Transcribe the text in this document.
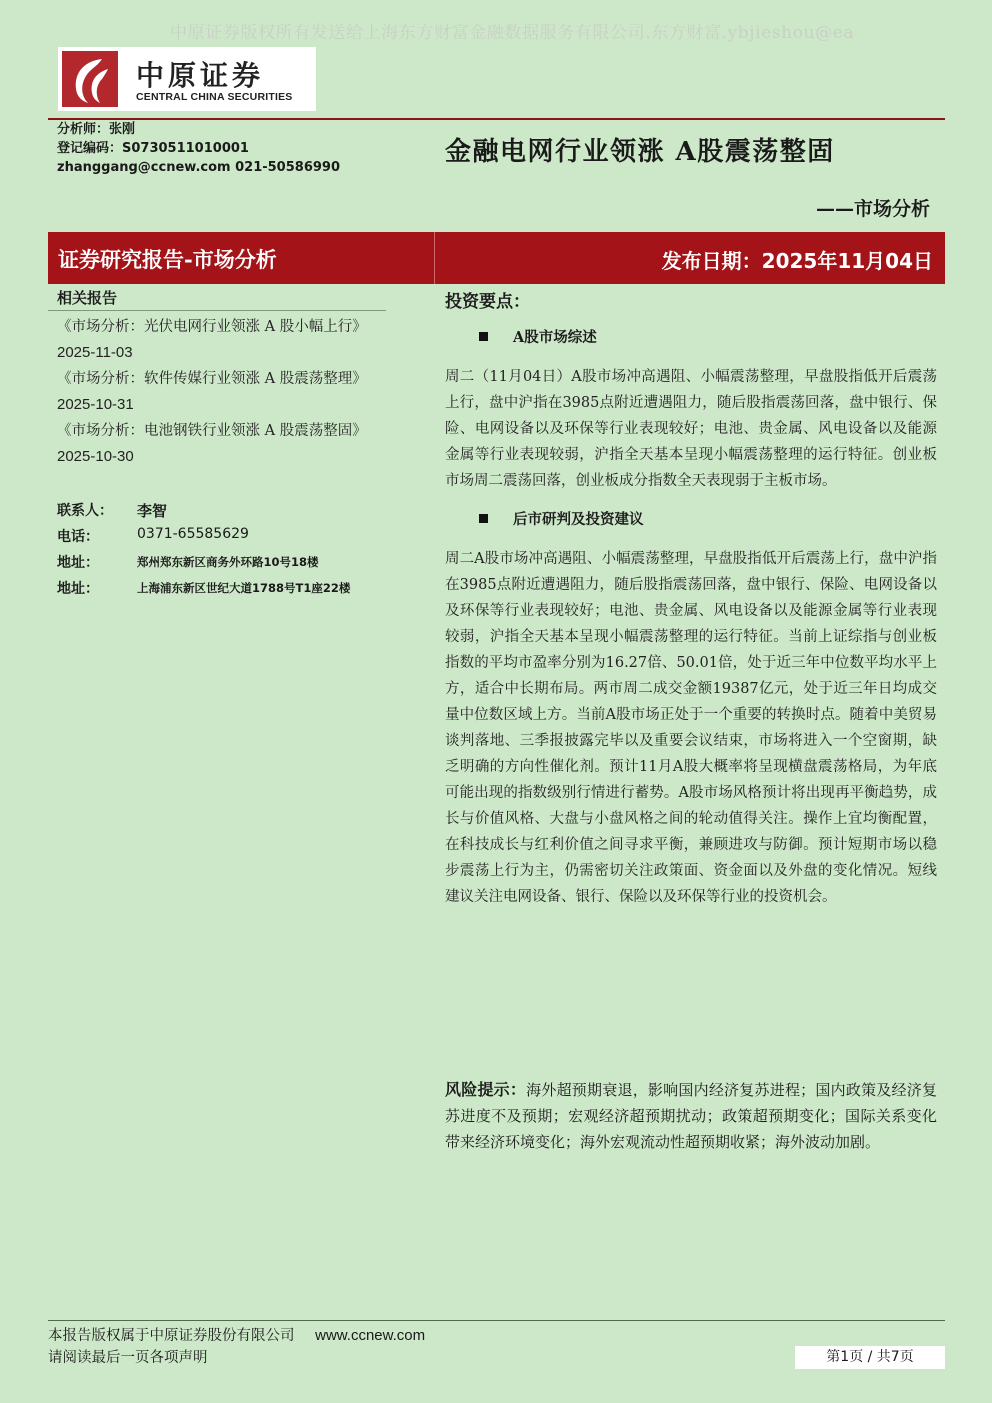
中原证券版权所有发送给上海东方财富金融数据服务有限公司.东方财富.ybjieshou@ea
中原证券
CENTRAL CHINA SECURITIES
分析师：张刚
登记编码：S0730511010001
zhanggang@ccnew.com 021-50586990
金融电网行业领涨 A股震荡整固
——市场分析
证券研究报告-市场分析	发布日期：2025年11月04日
相关报告
《市场分析：光伏电网行业领涨 A 股小幅上行》 2025-11-03
《市场分析：软件传媒行业领涨 A 股震荡整理》 2025-10-31
《市场分析：电池钢铁行业领涨 A 股震荡整固》 2025-10-30
联系人： 李智
电话：	0371-65585629
地址：	郑州郑东新区商务外环路10号18楼
地址：	上海浦东新区世纪大道1788号T1座22楼
投资要点：
A股市场综述
周二（11月04日）A股市场冲高遇阻、小幅震荡整理，早盘股指低开后震荡上行，盘中沪指在3985点附近遭遇阻力，随后股指震荡回落，盘中银行、保险、电网设备以及环保等行业表现较好；电池、贵金属、风电设备以及能源金属等行业表现较弱，沪指全天基本呈现小幅震荡整理的运行特征。创业板市场周二震荡回落，创业板成分指数全天表现弱于主板市场。
后市研判及投资建议
周二A股市场冲高遇阻、小幅震荡整理，早盘股指低开后震荡上行，盘中沪指在3985点附近遭遇阻力，随后股指震荡回落，盘中银行、保险、电网设备以及环保等行业表现较好；电池、贵金属、风电设备以及能源金属等行业表现较弱，沪指全天基本呈现小幅震荡整理的运行特征。当前上证综指与创业板指数的平均市盈率分别为16.27倍、50.01倍，处于近三年中位数平均水平上方，适合中长期布局。两市周二成交金额19387亿元，处于近三年日均成交量中位数区域上方。当前A股市场正处于一个重要的转换时点。随着中美贸易谈判落地、三季报披露完毕以及重要会议结束，市场将进入一个空窗期，缺乏明确的方向性催化剂。预计11月A股大概率将呈现横盘震荡格局，为年底可能出现的指数级别行情进行蓄势。A股市场风格预计将出现再平衡趋势，成长与价值风格、大盘与小盘风格之间的轮动值得关注。操作上宜均衡配置，在科技成长与红利价值之间寻求平衡，兼顾进攻与防御。预计短期市场以稳步震荡上行为主，仍需密切关注政策面、资金面以及外盘的变化情况。短线建议关注电网设备、银行、保险以及环保等行业的投资机会。
风险提示：海外超预期衰退，影响国内经济复苏进程；国内政策及经济复苏进度不及预期；宏观经济超预期扰动；政策超预期变化；国际关系变化带来经济环境变化；海外宏观流动性超预期收紧；海外波动加剧。
本报告版权属于中原证券股份有限公司 www.ccnew.com
请阅读最后一页各项声明	第1页 / 共7页
